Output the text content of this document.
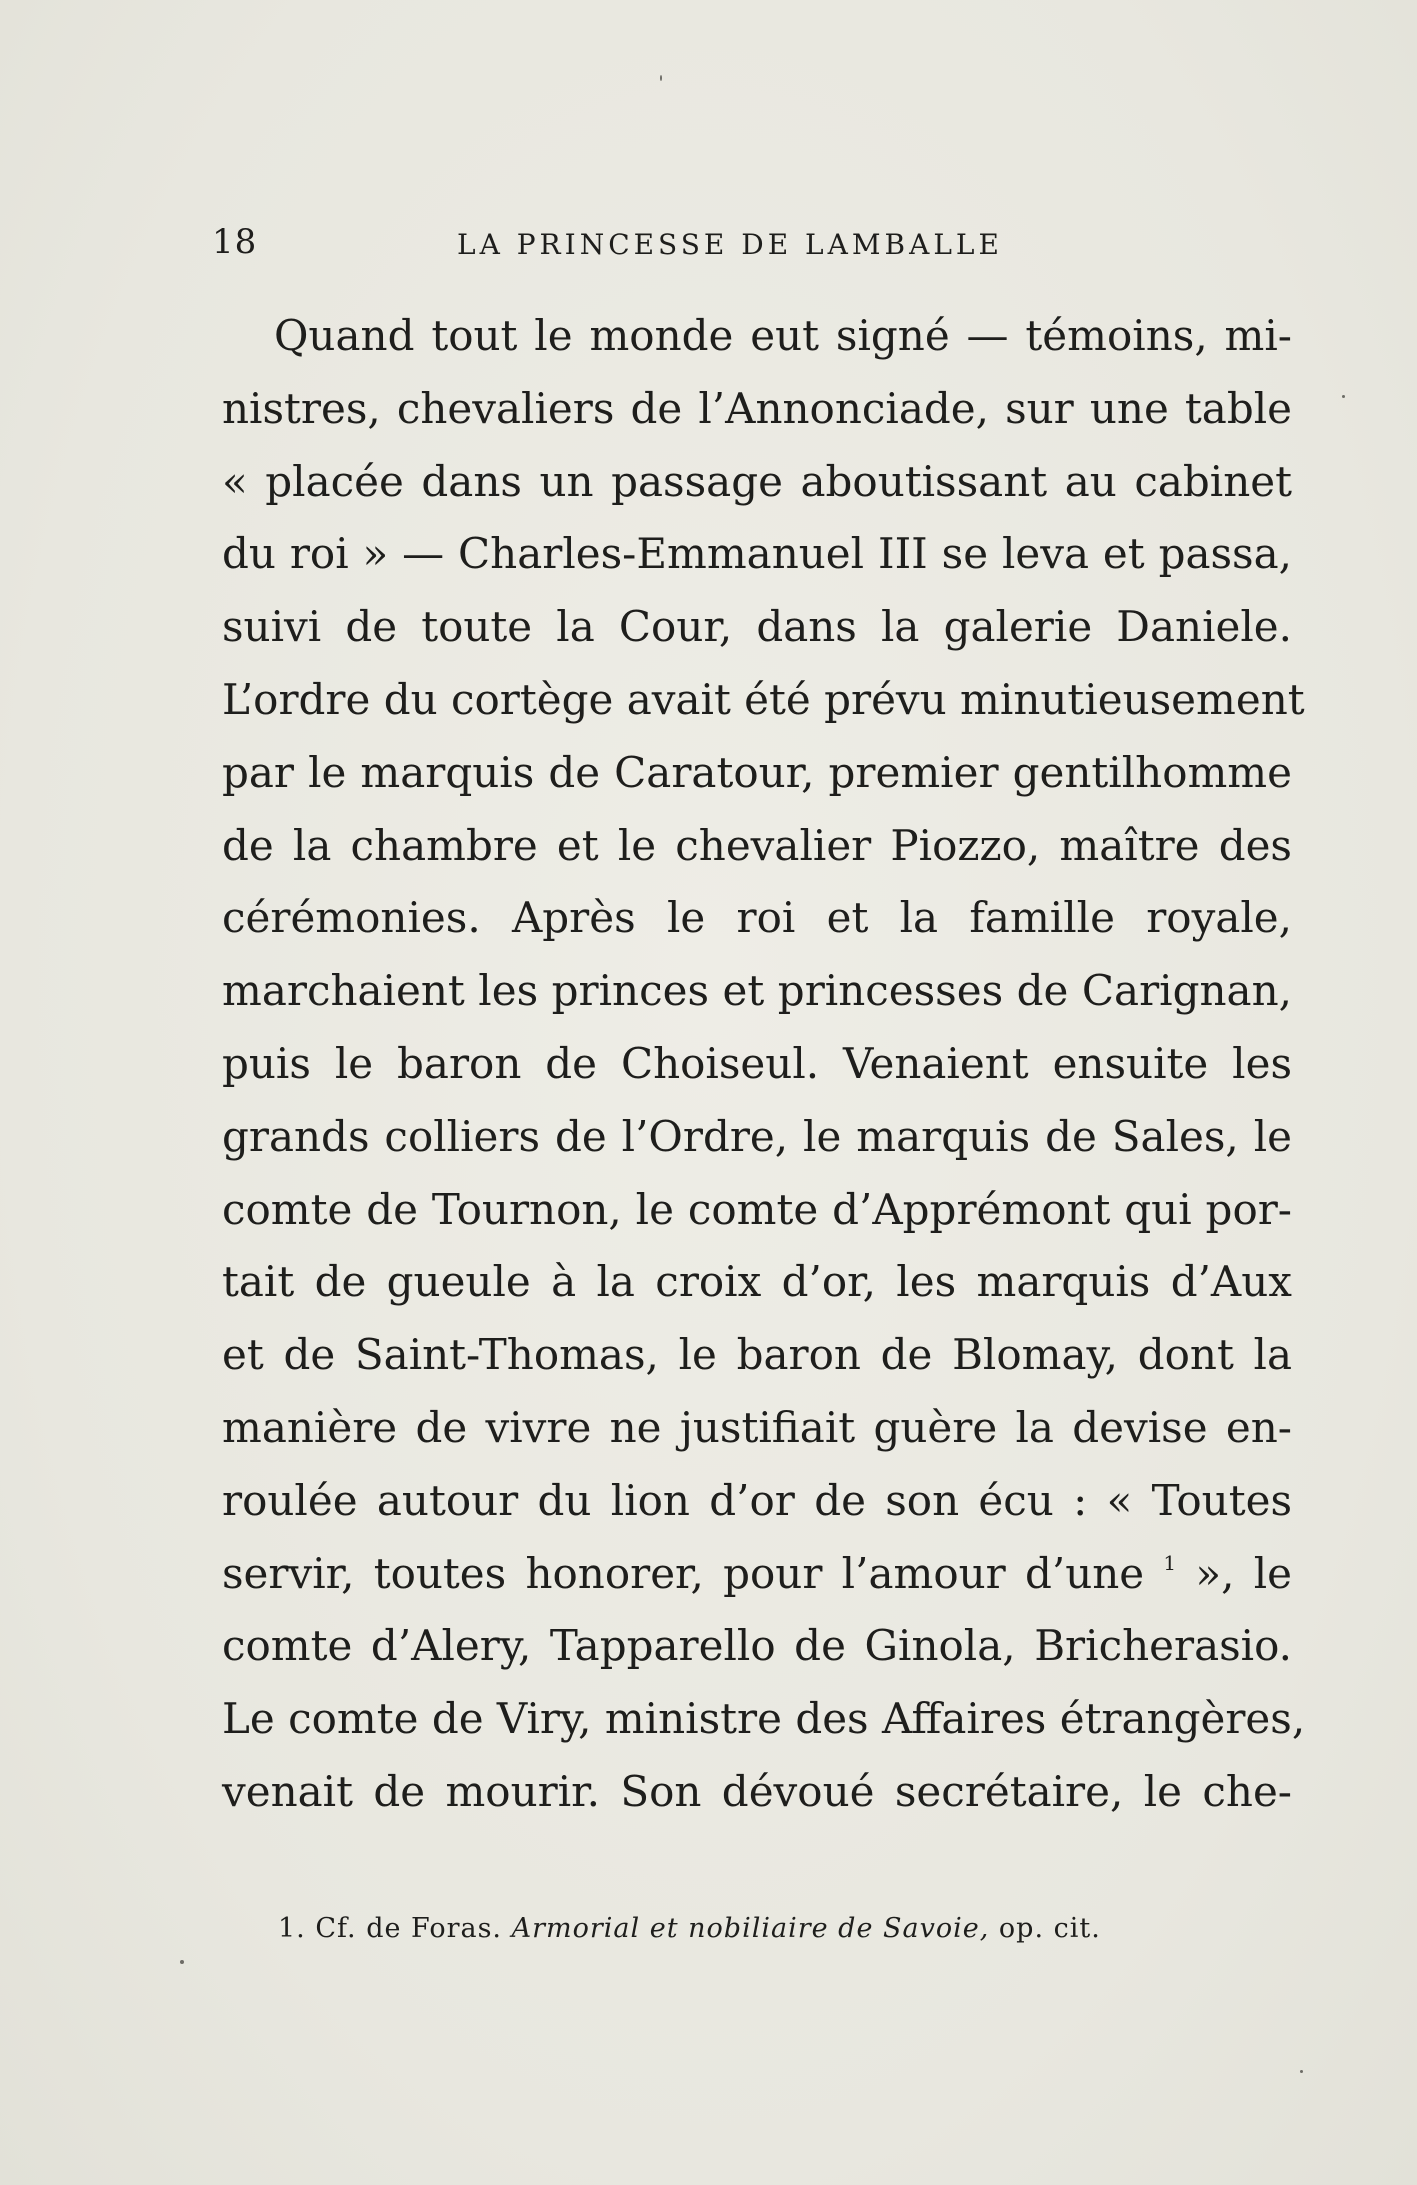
18	LA PRINCESSE DE LAMBALLE
Quand tout le monde eut signé — témoins, mi-
nistres, chevaliers de l’Annonciade, sur une table
« placée dans un passage aboutissant au cabinet
du roi » — Charles-Emmanuel III se leva et passa,
suivi de toute la Cour, dans la galerie Daniele.
L’ordre du cortège avait été prévu minutieusement
par le marquis de Caratour, premier gentilhomme
de la chambre et le chevalier Piozzo, maître des
cérémonies. Après le roi et la famille royale,
marchaient les princes et princesses de Carignan,
puis le baron de Choiseul. Venaient ensuite les
grands colliers de l’Ordre, le marquis de Sales, le
comte de Tournon, le comte d’Apprémont qui por-
tait de gueule à la croix d’or, les marquis d’Aux
et de Saint-Thomas, le baron de Blomay, dont la
manière de vivre ne justifiait guère la devise en-
roulée autour du lion d’or de son écu : « Toutes
servir, toutes honorer, pour l’amour d’une $^1$ », le
comte d’Alery, Tapparello de Ginola, Bricherasio.
Le comte de Viry, ministre des Affaires étrangères,
venait de mourir. Son dévoué secrétaire, le che-
1. Cf. de Foras. Armorial et nobiliaire de Savoie, op. cit.
